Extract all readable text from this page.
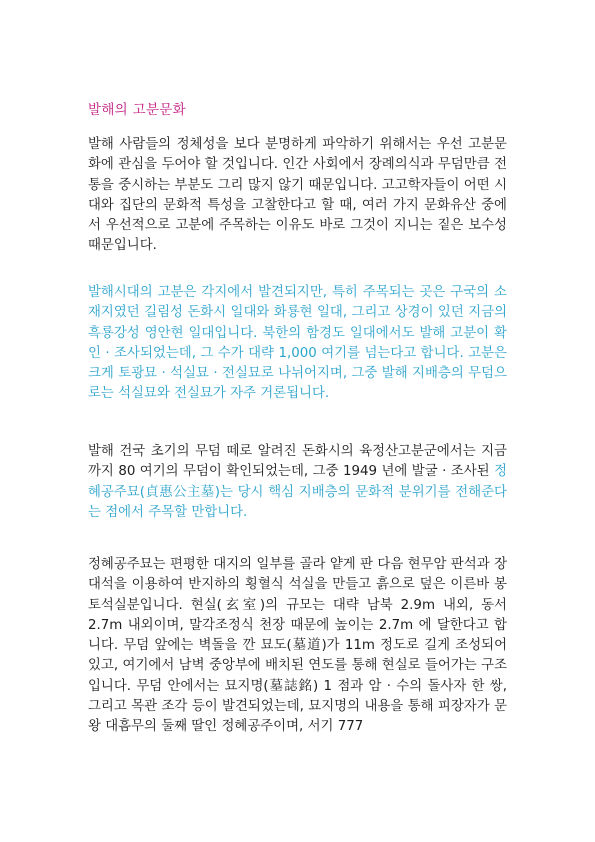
발해의 고분문화

발해 사람들의 정체성을 보다 분명하게 파악하기 위해서는 우선 고분문화에 관심을 두어야 할 것입니다. 인간 사회에서 장례의식과 무덤만큼 전통을 중시하는 부분도 그리 많지 않기 때문입니다. 고고학자들이 어떤 시대와 집단의 문화적 특성을 고찰한다고 할 때, 여러 가지 문화유산 중에서 우선적으로 고분에 주목하는 이유도 바로 그것이 지니는 짙은 보수성 때문입니다.

발해시대의 고분은 각지에서 발견되지만, 특히 주목되는 곳은 구국의 소재지였던 길림성 돈화시 일대와 화룡현 일대, 그리고 상경이 있던 지금의 흑룡강성 영안현 일대입니다. 북한의 함경도 일대에서도 발해 고분이 확인 · 조사되었는데, 그 수가 대략 1,000 여기를 넘는다고 합니다. 고분은 크게 토광묘 · 석실묘 · 전실묘로 나뉘어지며, 그중 발해 지배층의 무덤으로는 석실묘와 전실묘가 자주 거론됩니다.

발해 건국 초기의 무덤 떼로 알려진 돈화시의 육정산고분군에서는 지금까지 80 여기의 무덤이 확인되었는데, 그중 1949 년에 발굴 · 조사된 정혜공주묘(貞惠公主墓)는 당시 핵심 지배층의 문화적 분위기를 전해준다는 점에서 주목할 만합니다.

정혜공주묘는 편평한 대지의 일부를 골라 얕게 판 다음 현무암 판석과 장대석을 이용하여 반지하의 횡혈식 석실을 만들고 흙으로 덮은 이른바 봉토석실분입니다. 현실(玄室)의 규모는 대략 남북 2.9m 내외, 동서 2.7m 내외이며, 말각조정식 천장 때문에 높이는 2.7m 에 달한다고 합니다. 무덤 앞에는 벽돌을 깐 묘도(墓道)가 11m 정도로 길게 조성되어 있고, 여기에서 남벽 중앙부에 배치된 연도를 통해 현실로 들어가는 구조입니다. 무덤 안에서는 묘지명(墓誌銘) 1 점과 암 · 수의 돌사자 한 쌍, 그리고 목관 조각 등이 발견되었는데, 묘지명의 내용을 통해 피장자가 문왕 대흠무의 둘째 딸인 정혜공주이며, 서기 777
